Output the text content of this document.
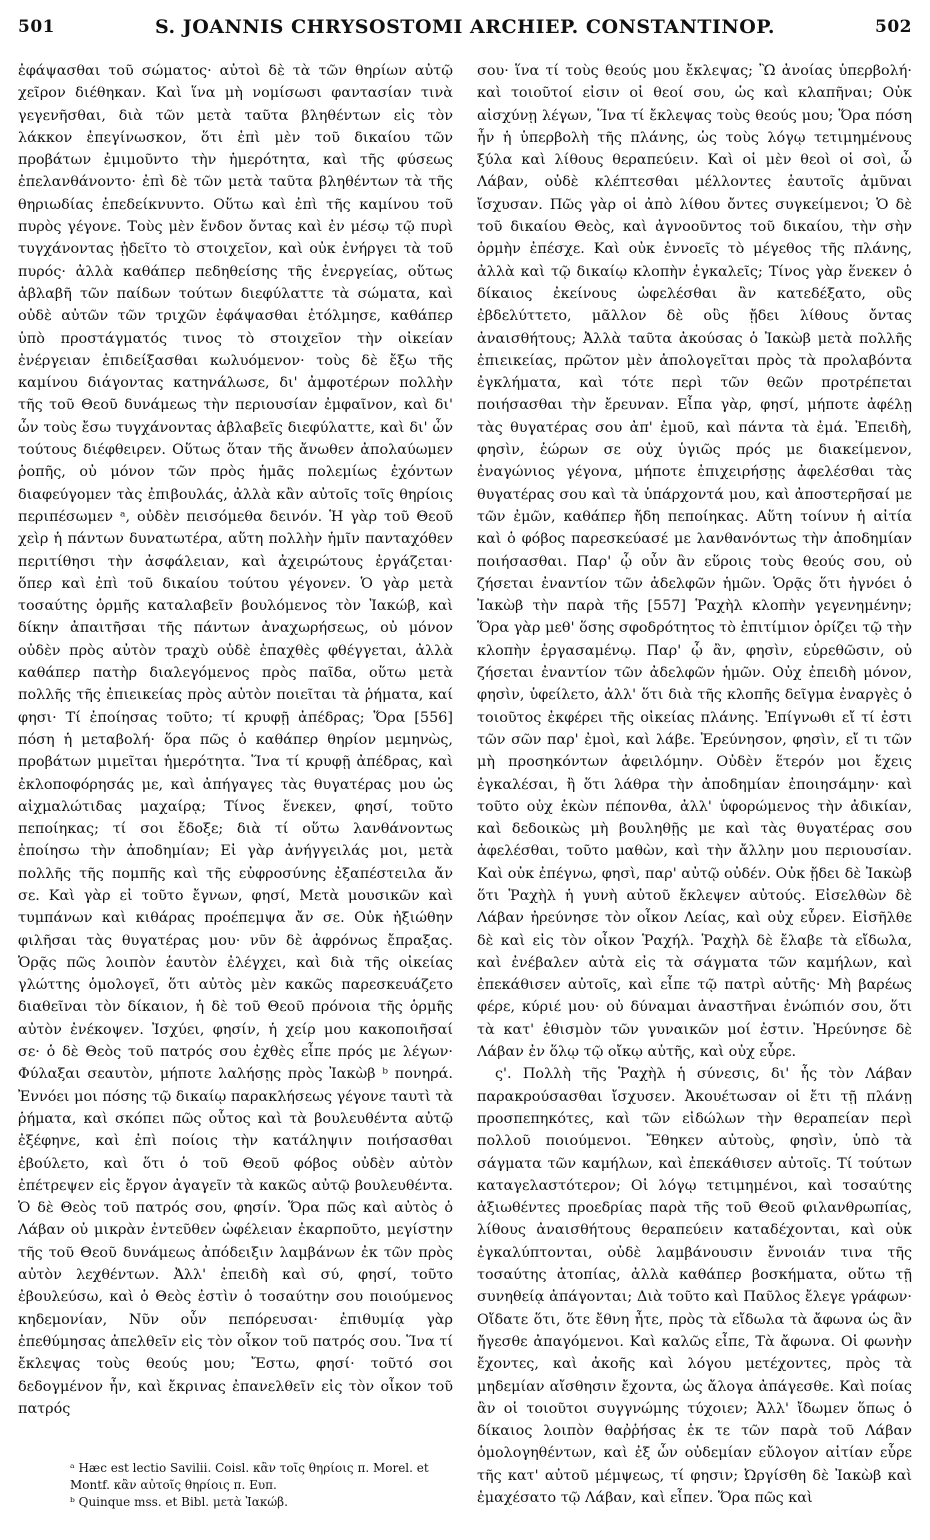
501	S. JOANNIS CHRYSOSTOMI ARCHIEP. CONSTANTINOP.	502

ἐφάψασθαι τοῦ σώματος· αὐτοὶ δὲ τὰ τῶν θηρίων αὐτῷ χεῖρον διέθηκαν. Καὶ ἵνα μὴ νομίσωσι φαντασίαν τινὰ γεγενῆσθαι, διὰ τῶν μετὰ ταῦτα βληθέντων εἰς τὸν λάκκον ἐπεγίνωσκον, ὅτι ἐπὶ μὲν τοῦ δικαίου τῶν προβάτων ἐμιμοῦντο τὴν ἡμερότητα, καὶ τῆς φύσεως ἐπελανθάνοντο· ἐπὶ δὲ τῶν μετὰ ταῦτα βληθέντων τὰ τῆς θηριωδίας ἐπεδείκνυντο. Οὕτω καὶ ἐπὶ τῆς καμίνου τοῦ πυρὸς γέγονε. Τοὺς μὲν ἔνδον ὄντας καὶ ἐν μέσῳ τῷ πυρὶ τυγχάνοντας ᾐδεῖτο τὸ στοιχεῖον, καὶ οὐκ ἐνήργει τὰ τοῦ πυρός· ἀλλὰ καθάπερ πεδηθείσης τῆς ἐνεργείας, οὕτως ἀβλαβῆ τῶν παίδων τούτων διεφύλαττε τὰ σώματα, καὶ οὐδὲ αὐτῶν τῶν τριχῶν ἐφάψασθαι ἐτόλμησε, καθάπερ ὑπὸ προστάγματός τινος τὸ στοιχεῖον τὴν οἰκείαν ἐνέργειαν ἐπιδείξασθαι κωλυόμενον· τοὺς δὲ ἔξω τῆς καμίνου διάγοντας κατηνάλωσε, δι' ἀμφοτέρων πολλὴν τῆς τοῦ Θεοῦ δυνάμεως τὴν περιουσίαν ἐμφαῖνον, καὶ δι' ὧν τοὺς ἔσω τυγχάνοντας ἀβλαβεῖς διεφύλαττε, καὶ δι' ὧν τούτους διέφθειρεν. Οὕτως ὅταν τῆς ἄνωθεν ἀπολαύωμεν ῥοπῆς, οὐ μόνον τῶν πρὸς ἡμᾶς πολεμίως ἐχόντων διαφεύγομεν τὰς ἐπιβουλάς, ἀλλὰ κἂν αὐτοῖς τοῖς θηρίοις περιπέσωμεν ᵃ, οὐδὲν πεισόμεθα δεινόν. Ἡ γὰρ τοῦ Θεοῦ χεὶρ ἡ πάντων δυνατωτέρα, αὕτη πολλὴν ἡμῖν πανταχόθεν περιτίθησι τὴν ἀσφάλειαν, καὶ ἀχειρώτους ἐργάζεται· ὅπερ καὶ ἐπὶ τοῦ δικαίου τούτου γέγονεν. Ὁ γὰρ μετὰ τοσαύτης ὁρμῆς καταλαβεῖν βουλόμενος τὸν Ἰακώβ, καὶ δίκην ἀπαιτῆσαι τῆς πάντων ἀναχωρήσεως, οὐ μόνον οὐδὲν πρὸς αὐτὸν τραχὺ οὐδὲ ἐπαχθὲς φθέγγεται, ἀλλὰ καθάπερ πατὴρ διαλεγόμενος πρὸς παῖδα, οὕτω μετὰ πολλῆς τῆς ἐπιεικείας πρὸς αὐτὸν ποιεῖται τὰ ῥήματα, καί φησι· Τί ἐποίησας τοῦτο; τί κρυφῇ ἀπέδρας; Ὅρα [556] πόση ἡ μεταβολή· ὅρα πῶς ὁ καθάπερ θηρίον μεμηνὼς, προβάτων μιμεῖται ἡμερότητα. Ἵνα τί κρυφῇ ἀπέδρας, καὶ ἐκλοποφόρησάς με, καὶ ἀπήγαγες τὰς θυγατέρας μου ὡς αἰχμαλώτιδας μαχαίρᾳ; Τίνος ἕνεκεν, φησί, τοῦτο πεποίηκας; τί σοι ἔδοξε; διὰ τί οὕτω λανθάνοντως ἐποίησω τὴν ἀποδημίαν; Εἰ γὰρ ἀνήγγειλάς μοι, μετὰ πολλῆς τῆς πομπῆς καὶ τῆς εὐφροσύνης ἐξαπέστειλα ἄν σε. Καὶ γὰρ εἰ τοῦτο ἔγνων, φησί, Μετὰ μουσικῶν καὶ τυμπάνων καὶ κιθάρας προέπεμψα ἄν σε. Οὐκ ἠξιώθην φιλῆσαι τὰς θυγατέρας μου· νῦν δὲ ἀφρόνως ἔπραξας. Ὁρᾷς πῶς λοιπὸν ἑαυτὸν ἐλέγχει, καὶ διὰ τῆς οἰκείας γλώττης ὁμολογεῖ, ὅτι αὐτὸς μὲν κακῶς παρεσκευάζετο διαθεῖναι τὸν δίκαιον, ἡ δὲ τοῦ Θεοῦ πρόνοια τῆς ὁρμῆς αὐτὸν ἐνέκοψεν. Ἰσχύει, φησίν, ἡ χείρ μου κακοποιῆσαί σε· ὁ δὲ Θεὸς τοῦ πατρός σου ἐχθὲς εἶπε πρός με λέγων· Φύλαξαι σεαυτὸν, μήποτε λαλήσῃς πρὸς Ἰακὼβ ᵇ πονηρά. Ἐννόει μοι πόσης τῷ δικαίῳ παρακλήσεως γέγονε ταυτὶ τὰ ῥήματα, καὶ σκόπει πῶς οὗτος καὶ τὰ βουλευθέντα αὐτῷ ἐξέφηνε, καὶ ἐπὶ ποίοις τὴν κατάληψιν ποιήσασθαι ἐβούλετο, καὶ ὅτι ὁ τοῦ Θεοῦ φόβος οὐδὲν αὐτὸν ἐπέτρεψεν εἰς ἔργον ἀγαγεῖν τὰ κακῶς αὐτῷ βουλευθέντα. Ὁ δὲ Θεὸς τοῦ πατρός σου, φησίν. Ὅρα πῶς καὶ αὐτὸς ὁ Λάβαν οὐ μικρὰν ἐντεῦθεν ὠφέλειαν ἐκαρποῦτο, μεγίστην τῆς τοῦ Θεοῦ δυνάμεως ἀπόδειξιν λαμβάνων ἐκ τῶν πρὸς αὐτὸν λεχθέντων. Ἀλλ' ἐπειδὴ καὶ σύ, φησί, τοῦτο ἐβουλεύσω, καὶ ὁ Θεὸς ἐστὶν ὁ τοσαύτην σου ποιούμενος κηδεμονίαν, Νῦν οὖν πεπόρευσαι· ἐπιθυμίᾳ γὰρ ἐπεθύμησας ἀπελθεῖν εἰς τὸν οἶκον τοῦ πατρός σου. Ἵνα τί ἔκλεψας τοὺς θεούς μου; Ἔστω, φησί· τοῦτό σοι δεδογμένον ἦν, καὶ ἔκρινας ἐπανελθεῖν εἰς τὸν οἶκον τοῦ πατρός

σου· ἵνα τί τοὺς θεούς μου ἔκλεψας; Ὢ ἀνοίας ὑπερβολή· καὶ τοιοῦτοί εἰσιν οἱ θεοί σου, ὡς καὶ κλαπῆναι; Οὐκ αἰσχύνῃ λέγων, Ἵνα τί ἔκλεψας τοὺς θεούς μου; Ὅρα πόση ἦν ἡ ὑπερβολὴ τῆς πλάνης, ὡς τοὺς λόγῳ τετιμημένους ξύλα καὶ λίθους θεραπεύειν. Καὶ οἱ μὲν θεοὶ οἱ σοὶ, ὦ Λάβαν, οὐδὲ κλέπτεσθαι μέλλοντες ἑαυτοῖς ἀμῦναι ἴσχυσαν. Πῶς γὰρ οἱ ἀπὸ λίθου ὄντες συγκείμενοι; Ὁ δὲ τοῦ δικαίου Θεὸς, καὶ ἀγνοοῦντος τοῦ δικαίου, τὴν σὴν ὁρμὴν ἐπέσχε. Καὶ οὐκ ἐννοεῖς τὸ μέγεθος τῆς πλάνης, ἀλλὰ καὶ τῷ δικαίῳ κλοπὴν ἐγκαλεῖς; Τίνος γὰρ ἕνεκεν ὁ δίκαιος ἐκείνους ὠφελέσθαι ἂν κατεδέξατο, οὓς ἐβδελύττετο, μᾶλλον δὲ οὓς ᾔδει λίθους ὄντας ἀναισθήτους; Ἀλλὰ ταῦτα ἀκούσας ὁ Ἰακὼβ μετὰ πολλῆς ἐπιεικείας, πρῶτον μὲν ἀπολογεῖται πρὸς τὰ προλαβόντα ἐγκλήματα, καὶ τότε περὶ τῶν θεῶν προτρέπεται ποιήσασθαι τὴν ἔρευναν. Εἶπα γὰρ, φησί, μήποτε ἀφέλῃ τὰς θυγατέρας σου ἀπ' ἐμοῦ, καὶ πάντα τὰ ἐμά. Ἐπειδὴ, φησὶν, ἑώρων σε οὐχ ὑγιῶς πρός με διακείμενον, ἐναγώνιος γέγονα, μήποτε ἐπιχειρήσῃς ἀφελέσθαι τὰς θυγατέρας σου καὶ τὰ ὑπάρχοντά μου, καὶ ἀποστερῆσαί με τῶν ἐμῶν, καθάπερ ἤδη πεποίηκας. Αὕτη τοίνυν ἡ αἰτία καὶ ὁ φόβος παρεσκεύασέ με λανθανόντως τὴν ἀποδημίαν ποιήσασθαι. Παρ' ᾧ οὖν ἂν εὕροις τοὺς θεούς σου, οὐ ζήσεται ἐναντίον τῶν ἀδελφῶν ἡμῶν. Ὁρᾷς ὅτι ἠγνόει ὁ Ἰακὼβ τὴν παρὰ τῆς [557] Ῥαχὴλ κλοπὴν γεγενημένην; Ὅρα γὰρ μεθ' ὅσης σφοδρότητος τὸ ἐπιτίμιον ὁρίζει τῷ τὴν κλοπὴν ἐργασαμένῳ. Παρ' ᾧ ἂν, φησὶν, εὑρεθῶσιν, οὐ ζήσεται ἐναντίον τῶν ἀδελφῶν ἡμῶν. Οὐχ ἐπειδὴ μόνον, φησὶν, ὑφείλετο, ἀλλ' ὅτι διὰ τῆς κλοπῆς δεῖγμα ἐναργὲς ὁ τοιοῦτος ἐκφέρει τῆς οἰκείας πλάνης. Ἐπίγνωθι εἴ τί ἐστι τῶν σῶν παρ' ἐμοὶ, καὶ λάβε. Ἐρεύνησον, φησὶν, εἴ τι τῶν μὴ προσηκόντων ἀφειλόμην. Οὐδὲν ἕτερόν μοι ἔχεις ἐγκαλέσαι, ἢ ὅτι λάθρα τὴν ἀποδημίαν ἐποιησάμην· καὶ τοῦτο οὐχ ἑκὼν πέπονθα, ἀλλ' ὑφορώμενος τὴν ἀδικίαν, καὶ δεδοικὼς μὴ βουληθῇς με καὶ τὰς θυγατέρας σου ἀφελέσθαι, τοῦτο μαθὼν, καὶ τὴν ἄλλην μου περιουσίαν. Καὶ οὐκ ἐπέγνω, φησὶ, παρ' αὐτῷ οὐδέν. Οὐκ ᾔδει δὲ Ἰακὼβ ὅτι Ῥαχὴλ ἡ γυνὴ αὐτοῦ ἔκλεψεν αὐτούς. Εἰσελθὼν δὲ Λάβαν ἠρεύνησε τὸν οἶκον Λείας, καὶ οὐχ εὗρεν. Εἰσῆλθε δὲ καὶ εἰς τὸν οἶκον Ῥαχήλ. Ῥαχὴλ δὲ ἔλαβε τὰ εἴδωλα, καὶ ἐνέβαλεν αὐτὰ εἰς τὰ σάγματα τῶν καμήλων, καὶ ἐπεκάθισεν αὐτοῖς, καὶ εἶπε τῷ πατρὶ αὐτῆς· Μὴ βαρέως φέρε, κύριέ μου· οὐ δύναμαι ἀναστῆναι ἐνώπιόν σου, ὅτι τὰ κατ' ἐθισμὸν τῶν γυναικῶν μοί ἐστιν. Ἠρεύνησε δὲ Λάβαν ἐν ὅλῳ τῷ οἴκῳ αὐτῆς, καὶ οὐχ εὗρε.

ς'. Πολλὴ τῆς Ῥαχὴλ ἡ σύνεσις, δι' ἧς τὸν Λάβαν παρακρούσασθαι ἴσχυσεν. Ἀκουέτωσαν οἱ ἔτι τῇ πλάνῃ προσπεπηκότες, καὶ τῶν εἰδώλων τὴν θεραπείαν περὶ πολλοῦ ποιούμενοι. Ἔθηκεν αὐτοὺς, φησὶν, ὑπὸ τὰ σάγματα τῶν καμήλων, καὶ ἐπεκάθισεν αὐτοῖς. Τί τούτων καταγελαστότερον; Οἱ λόγῳ τετιμημένοι, καὶ τοσαύτης ἀξιωθέντες προεδρίας παρὰ τῆς τοῦ Θεοῦ φιλανθρωπίας, λίθους ἀναισθήτους θεραπεύειν καταδέχονται, καὶ οὐκ ἐγκαλύπτονται, οὐδὲ λαμβάνουσιν ἔννοιάν τινα τῆς τοσαύτης ἀτοπίας, ἀλλὰ καθάπερ βοσκήματα, οὕτω τῇ συνηθείᾳ ἀπάγονται; Διὰ τοῦτο καὶ Παῦλος ἔλεγε γράφων· Οἴδατε ὅτι, ὅτε ἔθνη ἦτε, πρὸς τὰ εἴδωλα τὰ ἄφωνα ὡς ἂν ἤγεσθε ἀπαγόμενοι. Καὶ καλῶς εἶπε, Τὰ ἄφωνα. Οἱ φωνὴν ἔχοντες, καὶ ἀκοῆς καὶ λόγου μετέχοντες, πρὸς τὰ μηδεμίαν αἴσθησιν ἔχοντα, ὡς ἄλογα ἀπάγεσθε. Καὶ ποίας ἂν οἱ τοιοῦτοι συγγνώμης τύχοιεν; Ἀλλ' ἴδωμεν ὅπως ὁ δίκαιος λοιπὸν θαῤῥήσας ἐκ τε τῶν παρὰ τοῦ Λάβαν ὁμολογηθέντων, καὶ ἐξ ὧν οὐδεμίαν εὔλογον αἰτίαν εὗρε τῆς κατ' αὐτοῦ μέμψεως, τί φησιν; Ὠργίσθη δὲ Ἰακὼβ καὶ ἐμαχέσατο τῷ Λάβαν, καὶ εἶπεν. Ὅρα πῶς καὶ

ᵃ Hæc est lectio Savilii. Coisl. κἂν τοῖς θηρίοις π. Morel. et Montf. κἂν αὐτοῖς θηρίοις π. Ευπ.
ᵇ Quinque mss. et Bibl. μετὰ Ἰακώβ.
